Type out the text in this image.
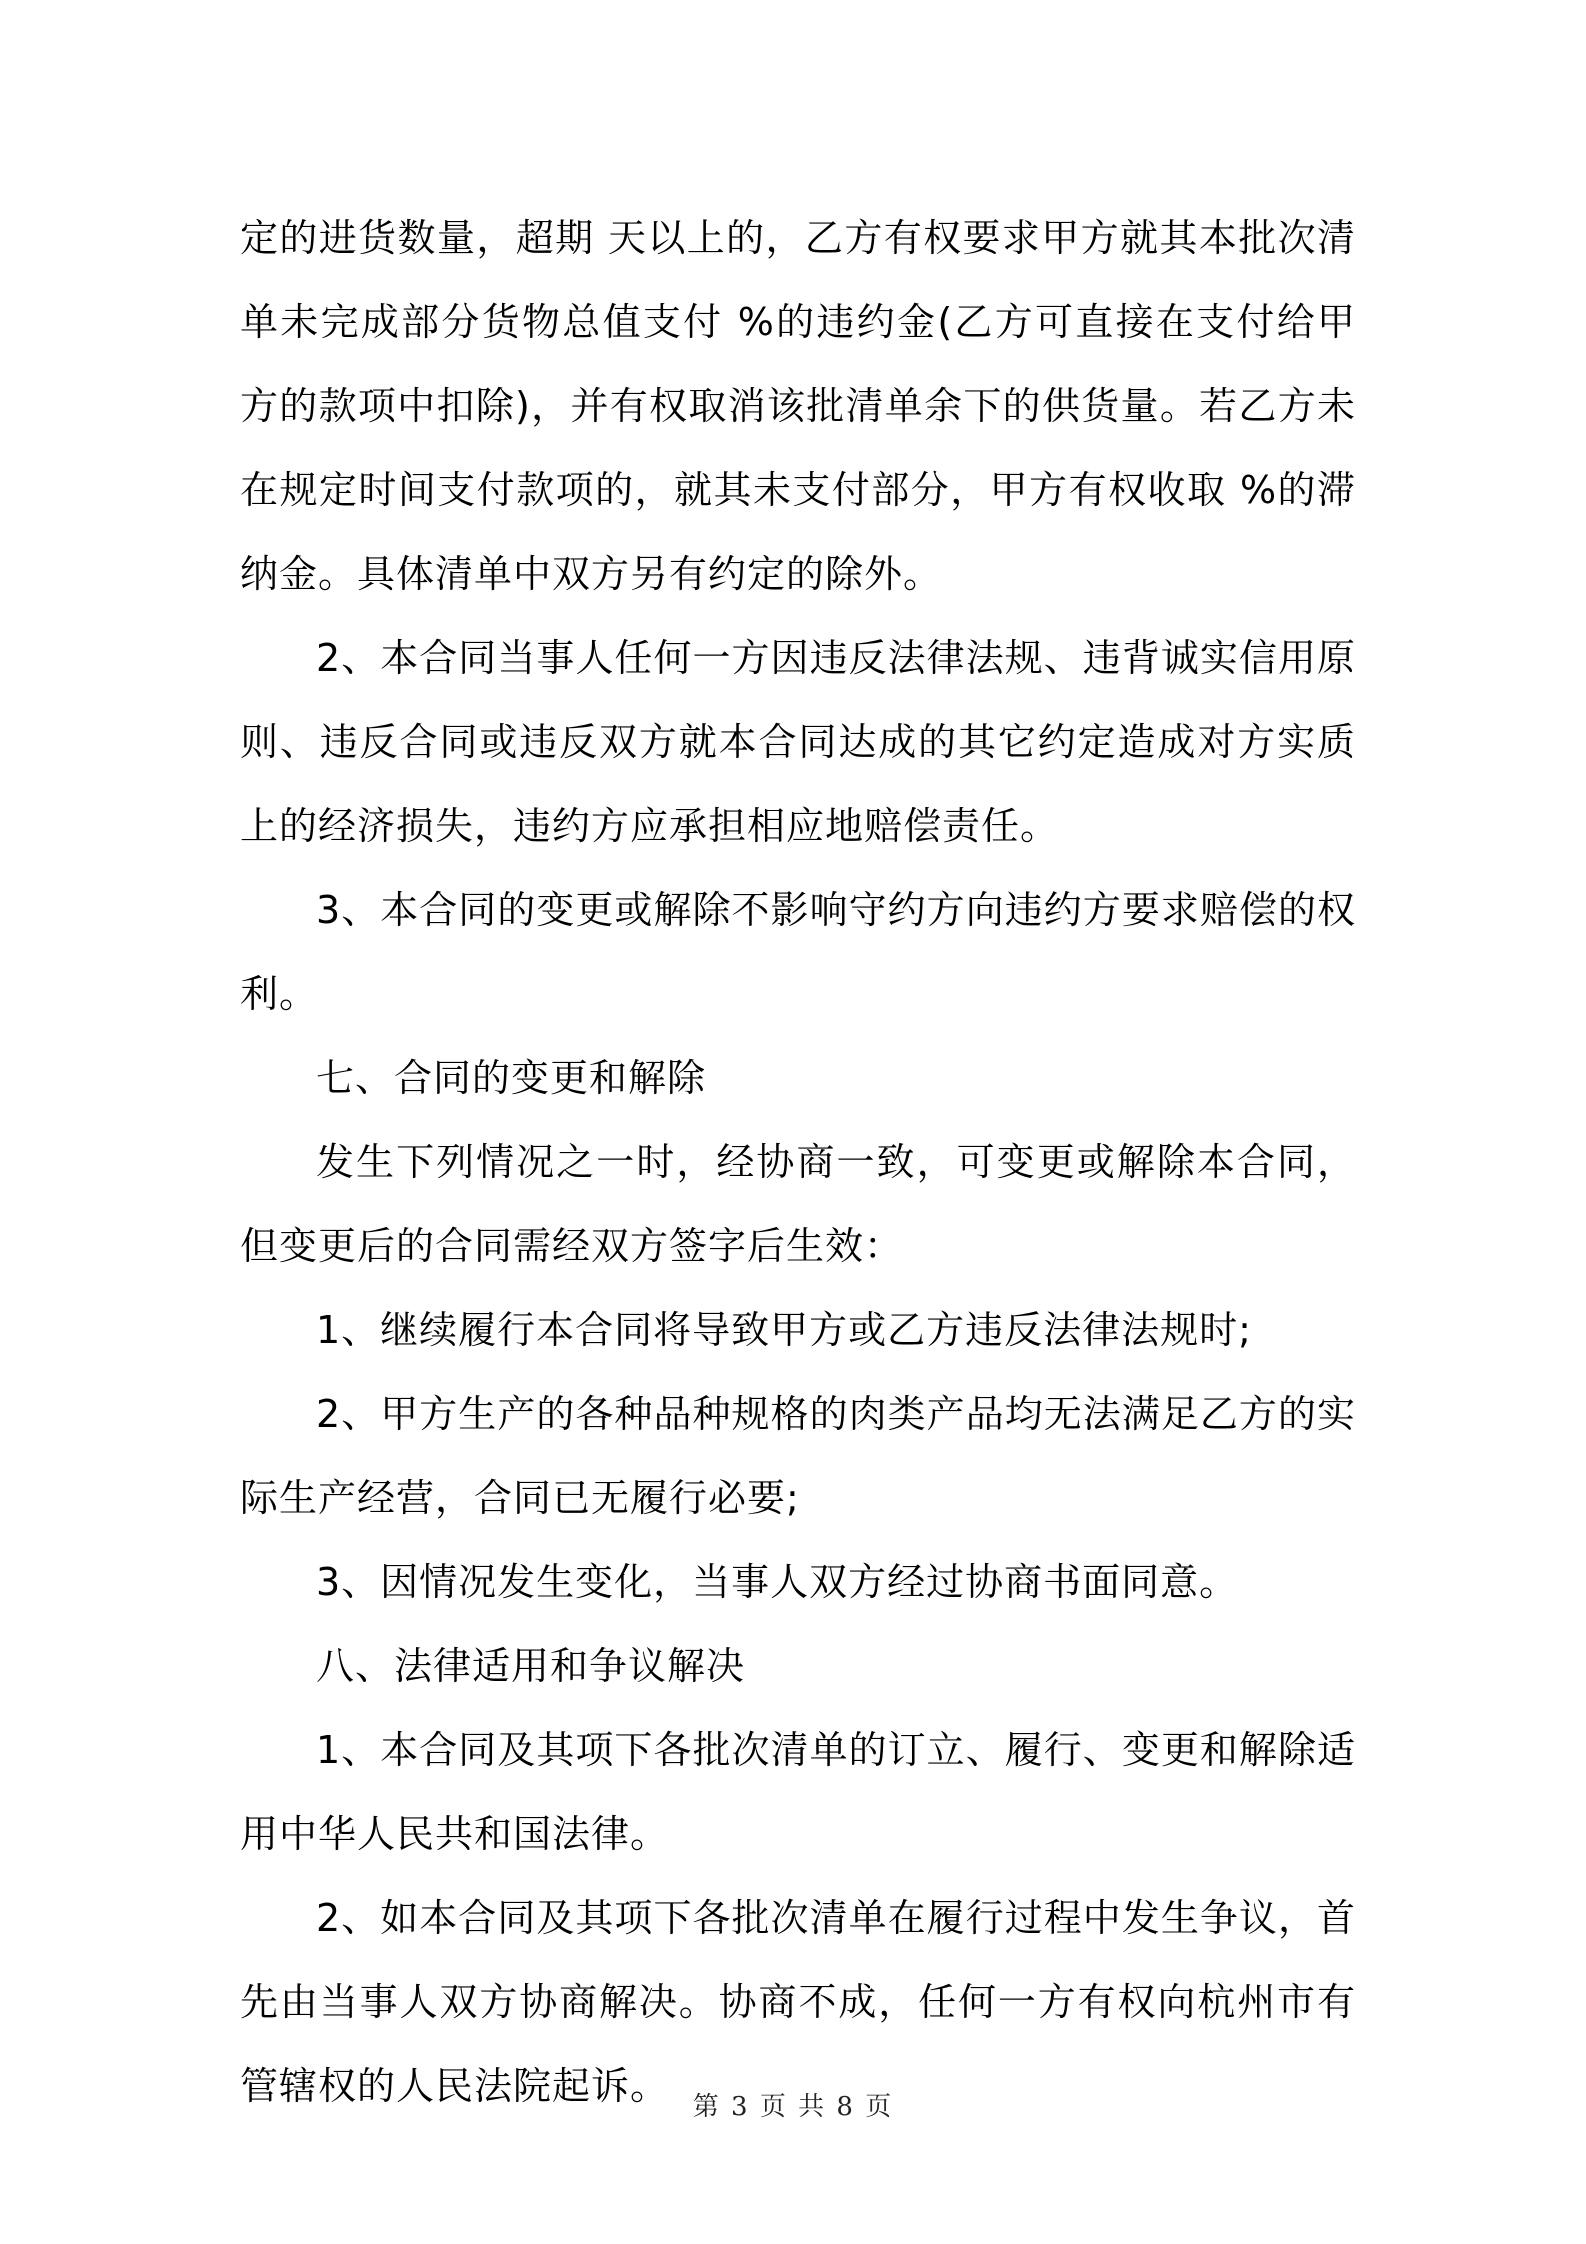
定的进货数量，超期 天以上的，乙方有权要求甲方就其本批次清单未完成部分货物总值支付 %的违约金(乙方可直接在支付给甲方的款项中扣除)，并有权取消该批清单余下的供货量。若乙方未在规定时间支付款项的，就其未支付部分，甲方有权收取 %的滞纳金。具体清单中双方另有约定的除外。

2、本合同当事人任何一方因违反法律法规、违背诚实信用原则、违反合同或违反双方就本合同达成的其它约定造成对方实质上的经济损失，违约方应承担相应地赔偿责任。

3、本合同的变更或解除不影响守约方向违约方要求赔偿的权利。

七、合同的变更和解除

发生下列情况之一时，经协商一致，可变更或解除本合同，但变更后的合同需经双方签字后生效：

1、继续履行本合同将导致甲方或乙方违反法律法规时;

2、甲方生产的各种品种规格的肉类产品均无法满足乙方的实际生产经营，合同已无履行必要;

3、因情况发生变化，当事人双方经过协商书面同意。

八、法律适用和争议解决

1、本合同及其项下各批次清单的订立、履行、变更和解除适用中华人民共和国法律。

2、如本合同及其项下各批次清单在履行过程中发生争议，首先由当事人双方协商解决。协商不成，任何一方有权向杭州市有管辖权的人民法院起诉。 第 3 页 共 8 页
